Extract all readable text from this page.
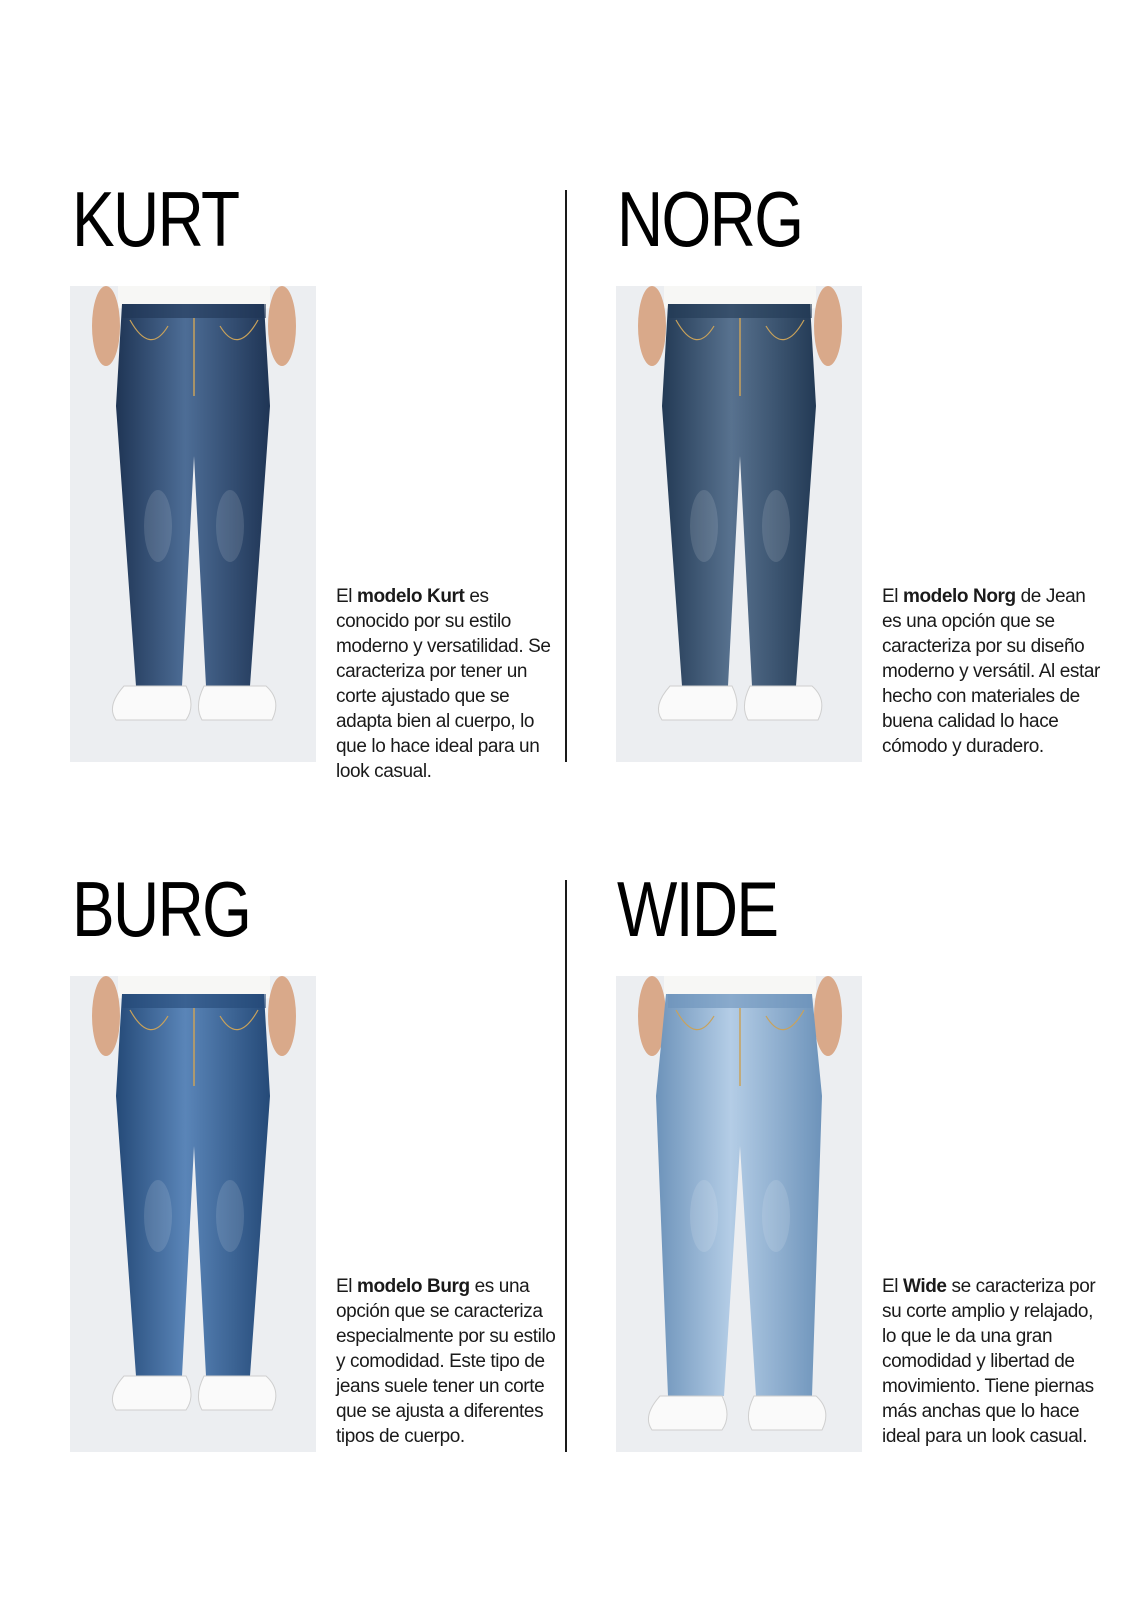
KURT

El modelo Kurt es conocido por su estilo moderno y versatilidad. Se caracteriza por tener un corte ajustado que se adapta bien al cuerpo, lo que lo hace ideal para un look casual.

NORG

El modelo Norg de Jean es una opción que se caracteriza por su diseño moderno y versátil. Al estar hecho con materiales de buena calidad lo hace cómodo y duradero.

BURG

El modelo Burg es una opción que se caracteriza especialmente por su estilo y comodidad. Este tipo de jeans suele tener un corte que se ajusta a diferentes tipos de cuerpo.

WIDE

El Wide se caracteriza por su corte amplio y relajado, lo que le da una gran comodidad y libertad de movimiento. Tiene piernas más anchas que lo hace ideal para un look casual.
